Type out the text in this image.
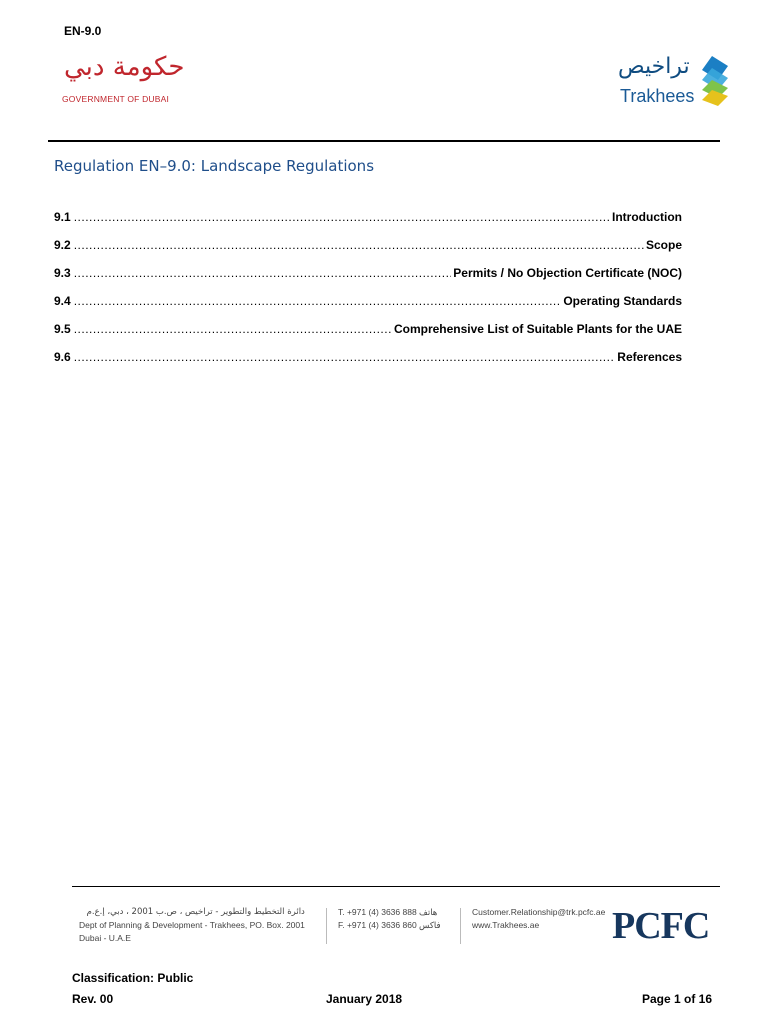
EN-9.0
حكومة دبي
GOVERNMENT OF DUBAI
تراخيص
Trakhees
Regulation EN–9.0: Landscape Regulations
9.1 .....	Introduction
9.2 .....	Scope
9.3 .....	Permits / No Objection Certificate (NOC)
9.4 .....	Operating Standards
9.5 .....	Comprehensive List of Suitable Plants for the UAE
9.6 .....	References
دائرة التخطيط والتطوير - تراخيص ، ص.ب 2001 ، دبي، إ.ع.م
Dept of Planning & Development - Trakhees, PO. Box. 2001
Dubai - U.A.E
T. +971 (4) 3636 888 هاتف
F. +971 (4) 3636 860 فاكس
Customer.Relationship@trk.pcfc.ae
www.Trakhees.ae	PCFC
Classification: Public
Rev. 00	January 2018	Page 1 of 16
